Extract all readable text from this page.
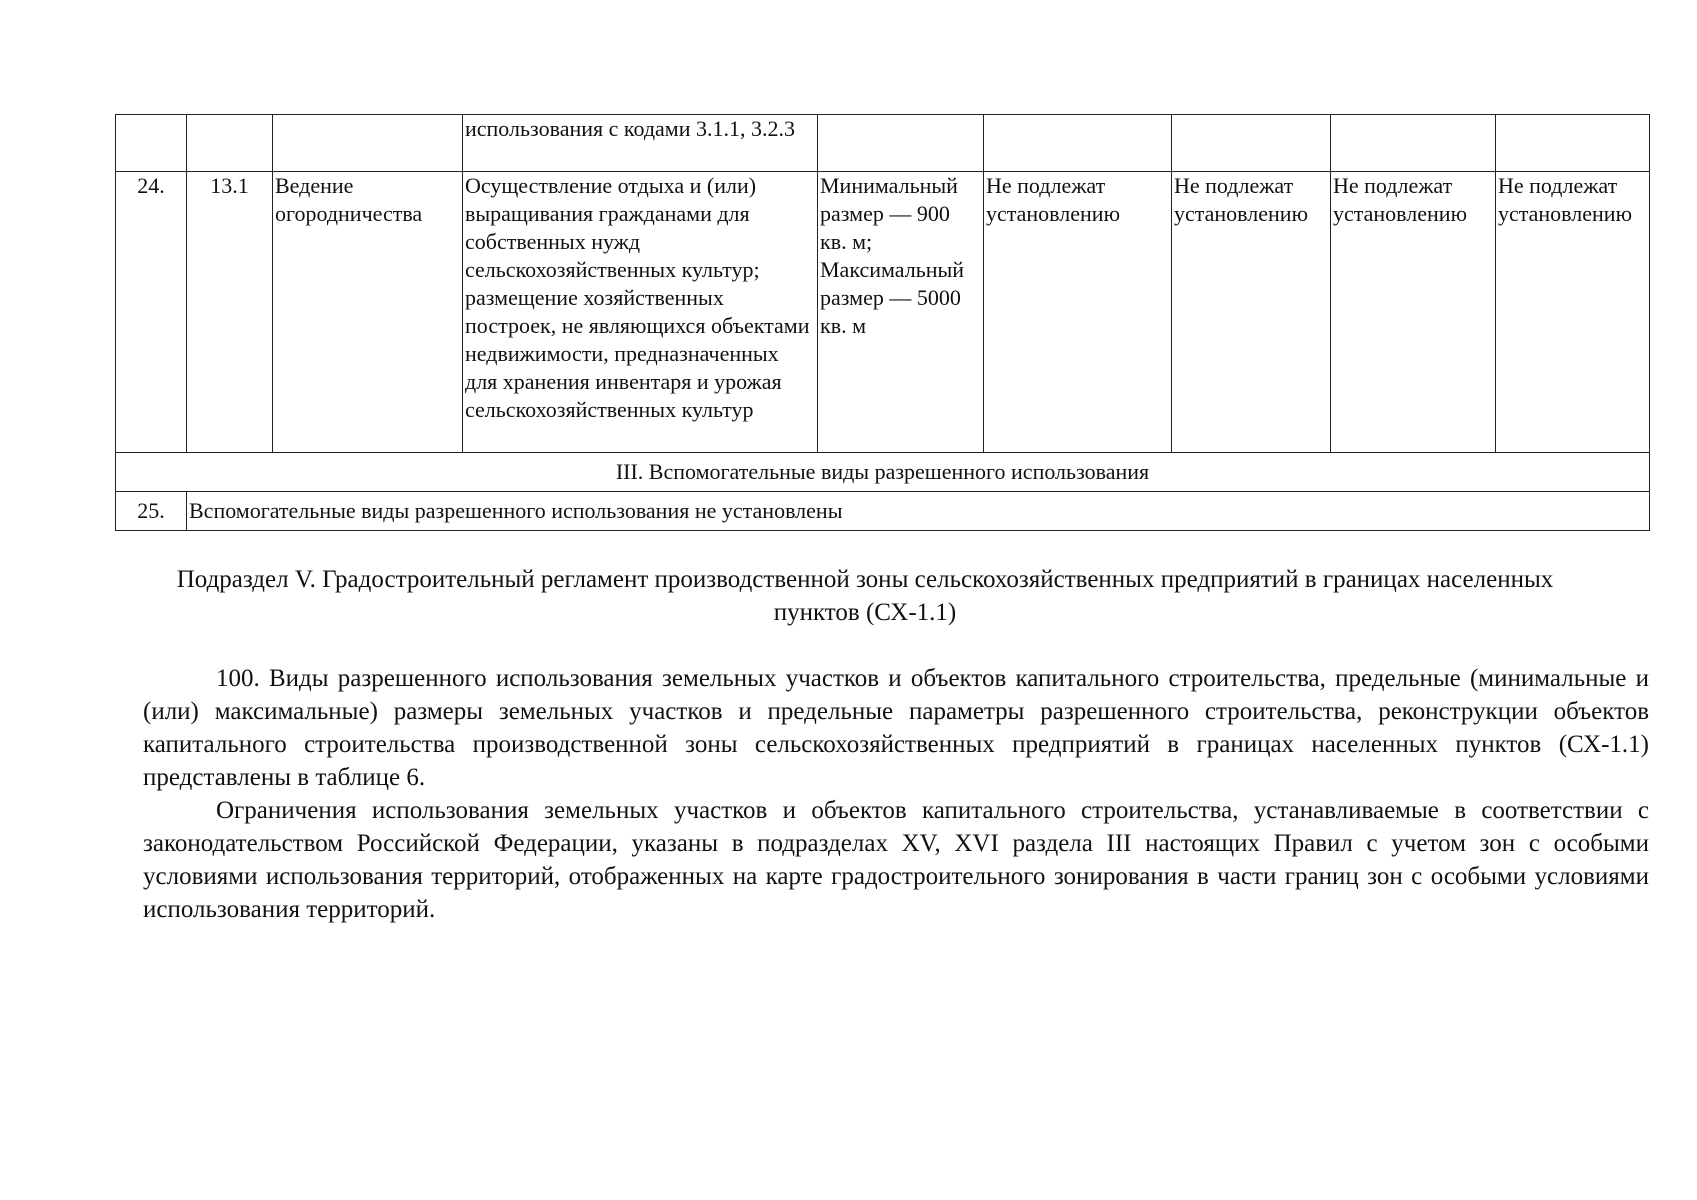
			использования с кодами 3.1.1, 3.2.3					
24.	13.1	Ведение огородничества	Осуществление отдыха и (или) выращивания гражданами для собственных нужд сельскохозяйственных культур; размещение хозяйственных построек, не являющихся объектами недвижимости, предназначенных для хранения инвентаря и урожая сельскохозяйственных культур	Минимальный размер — 900 кв. м; Максимальный размер — 5000 кв. м	Не подлежат установлению	Не подлежат установлению	Не подлежат установлению	Не подлежат установлению
III. Вспомогательные виды разрешенного использования								
25.	Вспомогательные виды разрешенного использования не установлены							
Подраздел V. Градостроительный регламент производственной зоны сельскохозяйственных предприятий в границах населенных пунктов (СХ-1.1)

100. Виды разрешенного использования земельных участков и объектов капитального строительства, предельные (минимальные и (или) максимальные) размеры земельных участков и предельные параметры разрешенного строительства, реконструкции объектов капитального строительства производственной зоны сельскохозяйственных предприятий в границах населенных пунктов (СХ-1.1) представлены в таблице 6.

Ограничения использования земельных участков и объектов капитального строительства, устанавливаемые в соответствии с законодательством Российской Федерации, указаны в подразделах XV, XVI раздела III настоящих Правил с учетом зон с особыми условиями использования территорий, отображенных на карте градостроительного зонирования в части границ зон с особыми условиями использования территорий.
